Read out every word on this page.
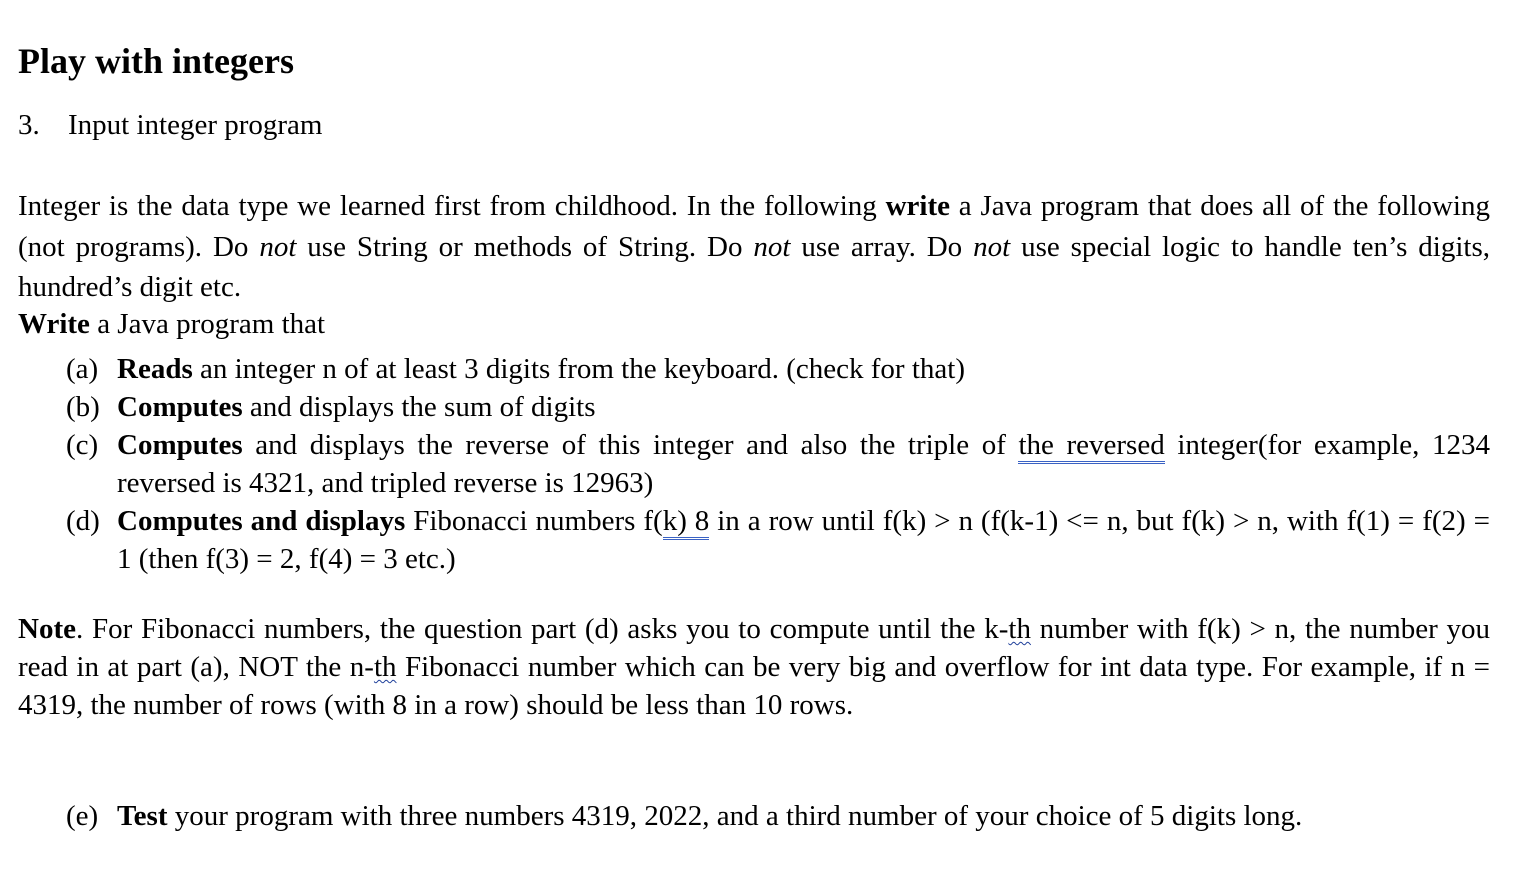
Play with integers
3. Input integer program

Integer is the data type we learned first from childhood. In the following write a Java program that does all of the following (not programs). Do not use String or methods of String. Do not use array. Do not use special logic to handle ten’s digits, hundred’s digit etc.

Write a Java program that
(a) Reads an integer n of at least 3 digits from the keyboard. (check for that)
(b) Computes and displays the sum of digits
(c) Computes and displays the reverse of this integer and also the triple of the reversed integer(for example, 1234 reversed is 4321, and tripled reverse is 12963)
(d) Computes and displays Fibonacci numbers f(k) 8 in a row until f(k) > n (f(k-1) <= n, but f(k) > n, with f(1) = f(2) = 1 (then f(3) = 2, f(4) = 3 etc.)

Note. For Fibonacci numbers, the question part (d) asks you to compute until the k-th number with f(k) > n, the number you read in at part (a), NOT the n-th Fibonacci number which can be very big and overflow for int data type. For example, if n = 4319, the number of rows (with 8 in a row) should be less than 10 rows.

(e) Test your program with three numbers 4319, 2022, and a third number of your choice of 5 digits long.
